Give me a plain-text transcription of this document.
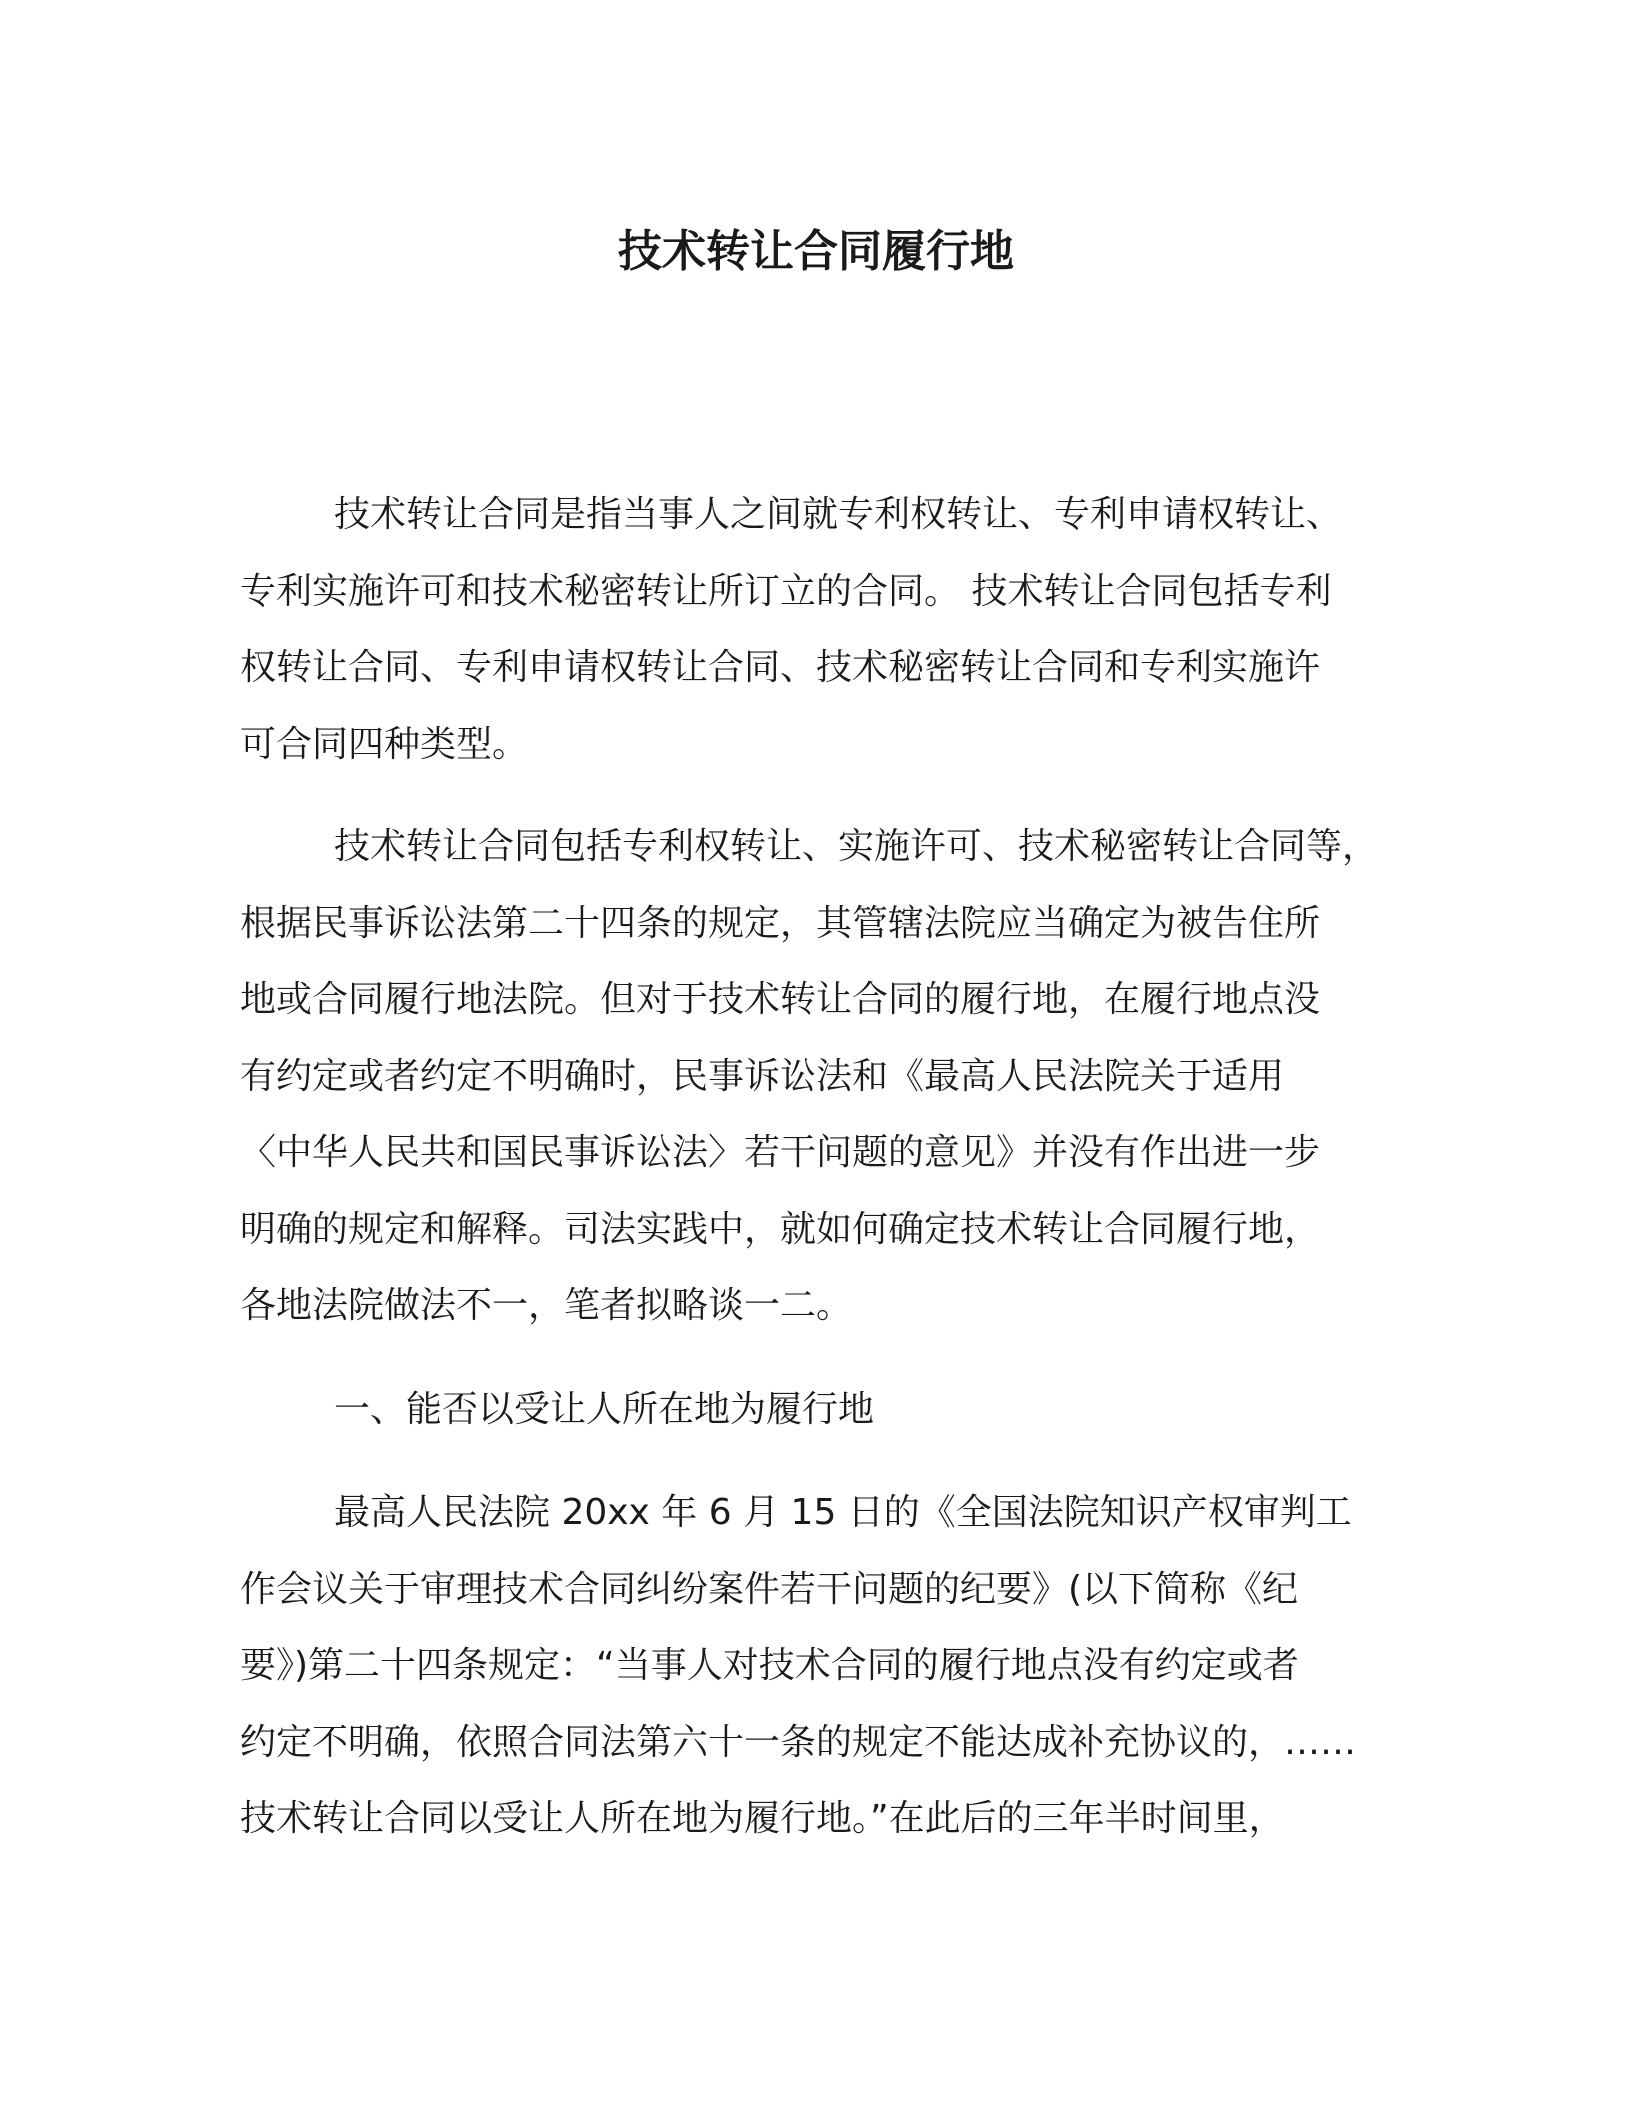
技术转让合同履行地
技术转让合同是指当事人之间就专利权转让、专利申请权转让、
专利实施许可和技术秘密转让所订立的合同。 技术转让合同包括专利
权转让合同、专利申请权转让合同、技术秘密转让合同和专利实施许
可合同四种类型。
技术转让合同包括专利权转让、实施许可、技术秘密转让合同等，
根据民事诉讼法第二十四条的规定，其管辖法院应当确定为被告住所
地或合同履行地法院。但对于技术转让合同的履行地，在履行地点没
有约定或者约定不明确时，民事诉讼法和《最高人民法院关于适用
〈中华人民共和国民事诉讼法〉若干问题的意见》并没有作出进一步
明确的规定和解释。司法实践中，就如何确定技术转让合同履行地，
各地法院做法不一，笔者拟略谈一二。
一、能否以受让人所在地为履行地
最高人民法院 20xx 年 6 月 15 日的《全国法院知识产权审判工
作会议关于审理技术合同纠纷案件若干问题的纪要》(以下简称《纪
要》)第二十四条规定：“当事人对技术合同的履行地点没有约定或者
约定不明确，依照合同法第六十一条的规定不能达成补充协议的，……
技术转让合同以受让人所在地为履行地。”在此后的三年半时间里，
